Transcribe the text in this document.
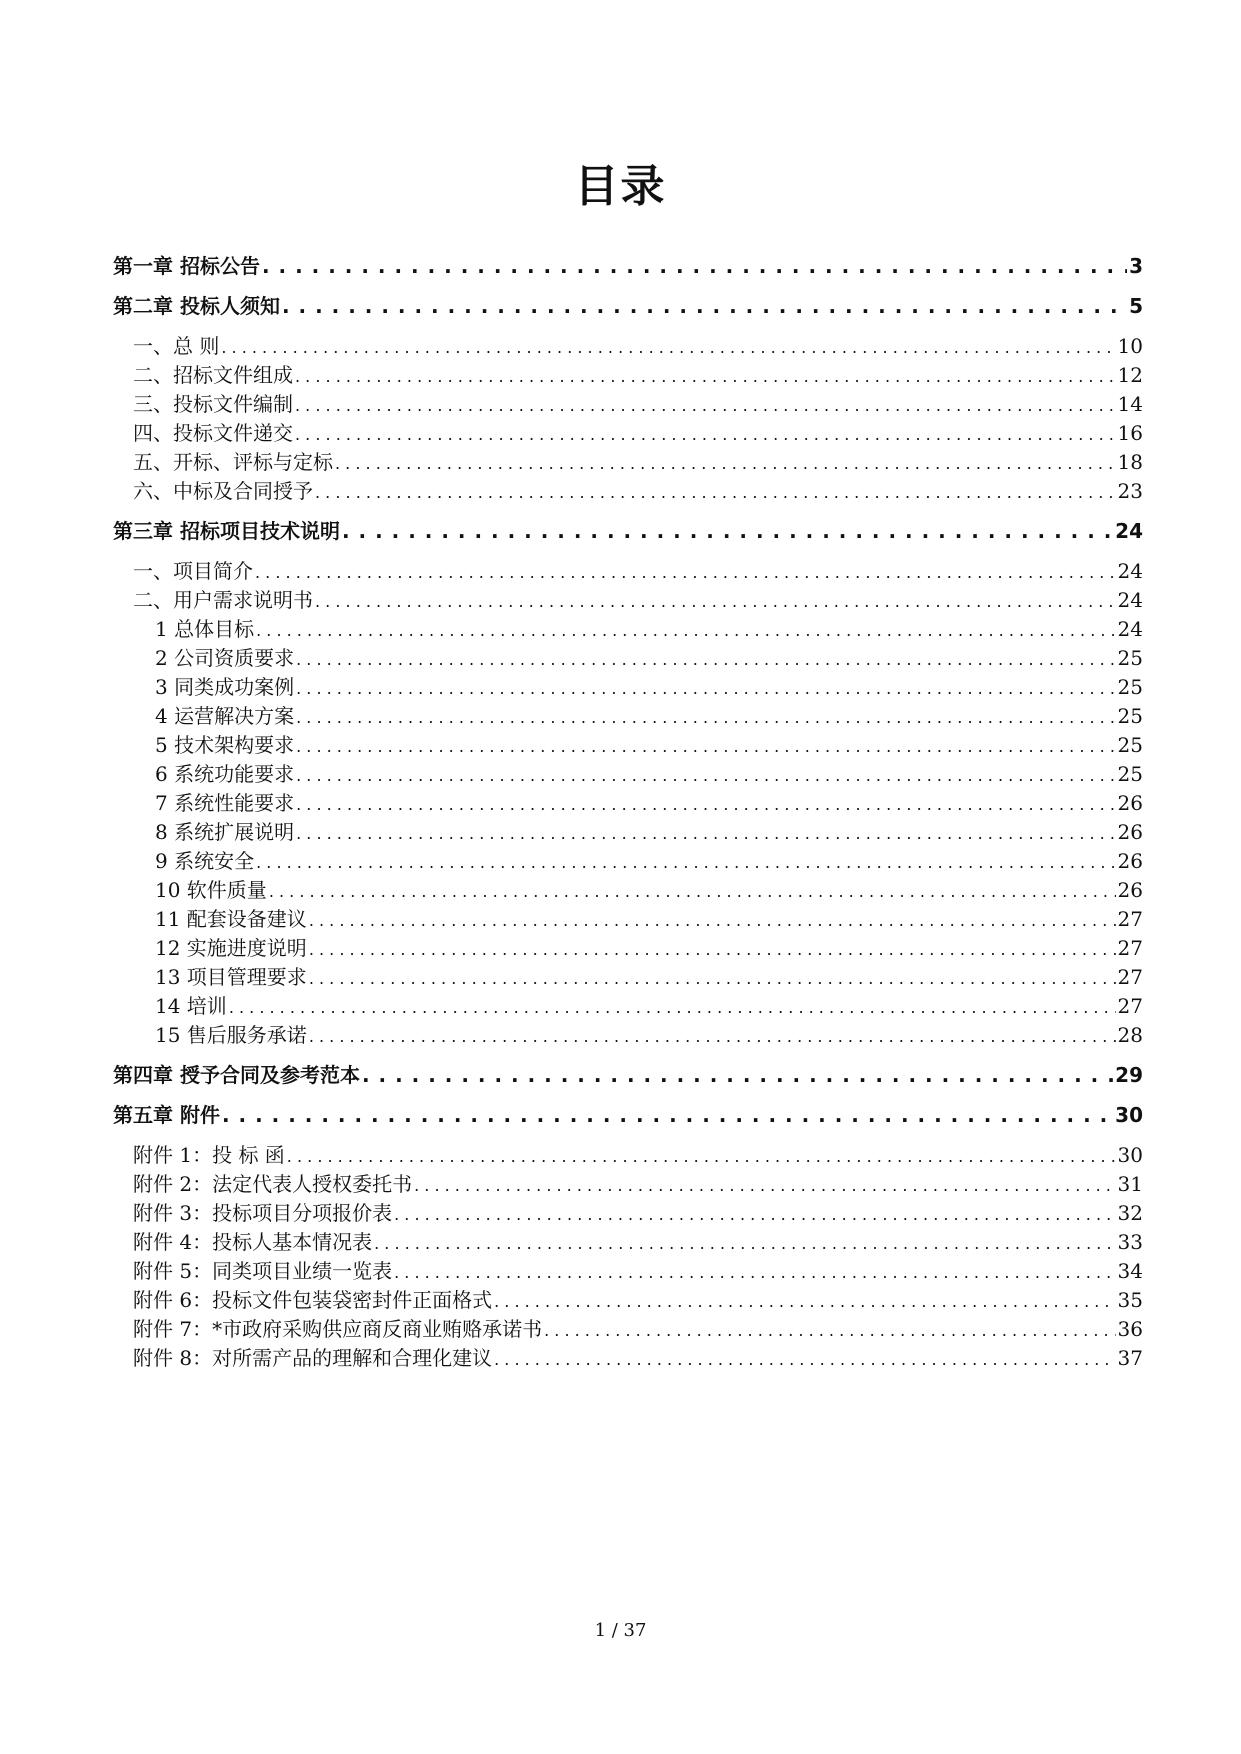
目录
第一章 招标公告 . . .	3
第二章 投标人须知 . . .	5
一、总 则 . . .	10
二、招标文件组成 . . .	12
三、投标文件编制 . . .	14
四、投标文件递交 . . .	16
五、开标、评标与定标 . . .	18
六、中标及合同授予 . . .	23
第三章 招标项目技术说明 . . .	24
一、项目简介 . . .	24
二、用户需求说明书 . . .	24
1 总体目标 . . .	24
2 公司资质要求 . . .	25
3 同类成功案例 . . .	25
4 运营解决方案 . . .	25
5 技术架构要求 . . .	25
6 系统功能要求 . . .	25
7 系统性能要求 . . .	26
8 系统扩展说明 . . .	26
9 系统安全 . . .	26
10 软件质量 . . .	26
11 配套设备建议 . . .	27
12 实施进度说明 . . .	27
13 项目管理要求 . . .	27
14 培训 . . .	27
15 售后服务承诺 . . .	28
第四章 授予合同及参考范本 . . .	29
第五章 附件 . . .	30
附件 1：投 标 函 . . .	30
附件 2：法定代表人授权委托书 . . .	31
附件 3：投标项目分项报价表 . . .	32
附件 4：投标人基本情况表 . . .	33
附件 5：同类项目业绩一览表 . . .	34
附件 6：投标文件包装袋密封件正面格式 . . .	35
附件 7：*市政府采购供应商反商业贿赂承诺书 . . .	36
附件 8：对所需产品的理解和合理化建议 . . .	37
1 / 37
